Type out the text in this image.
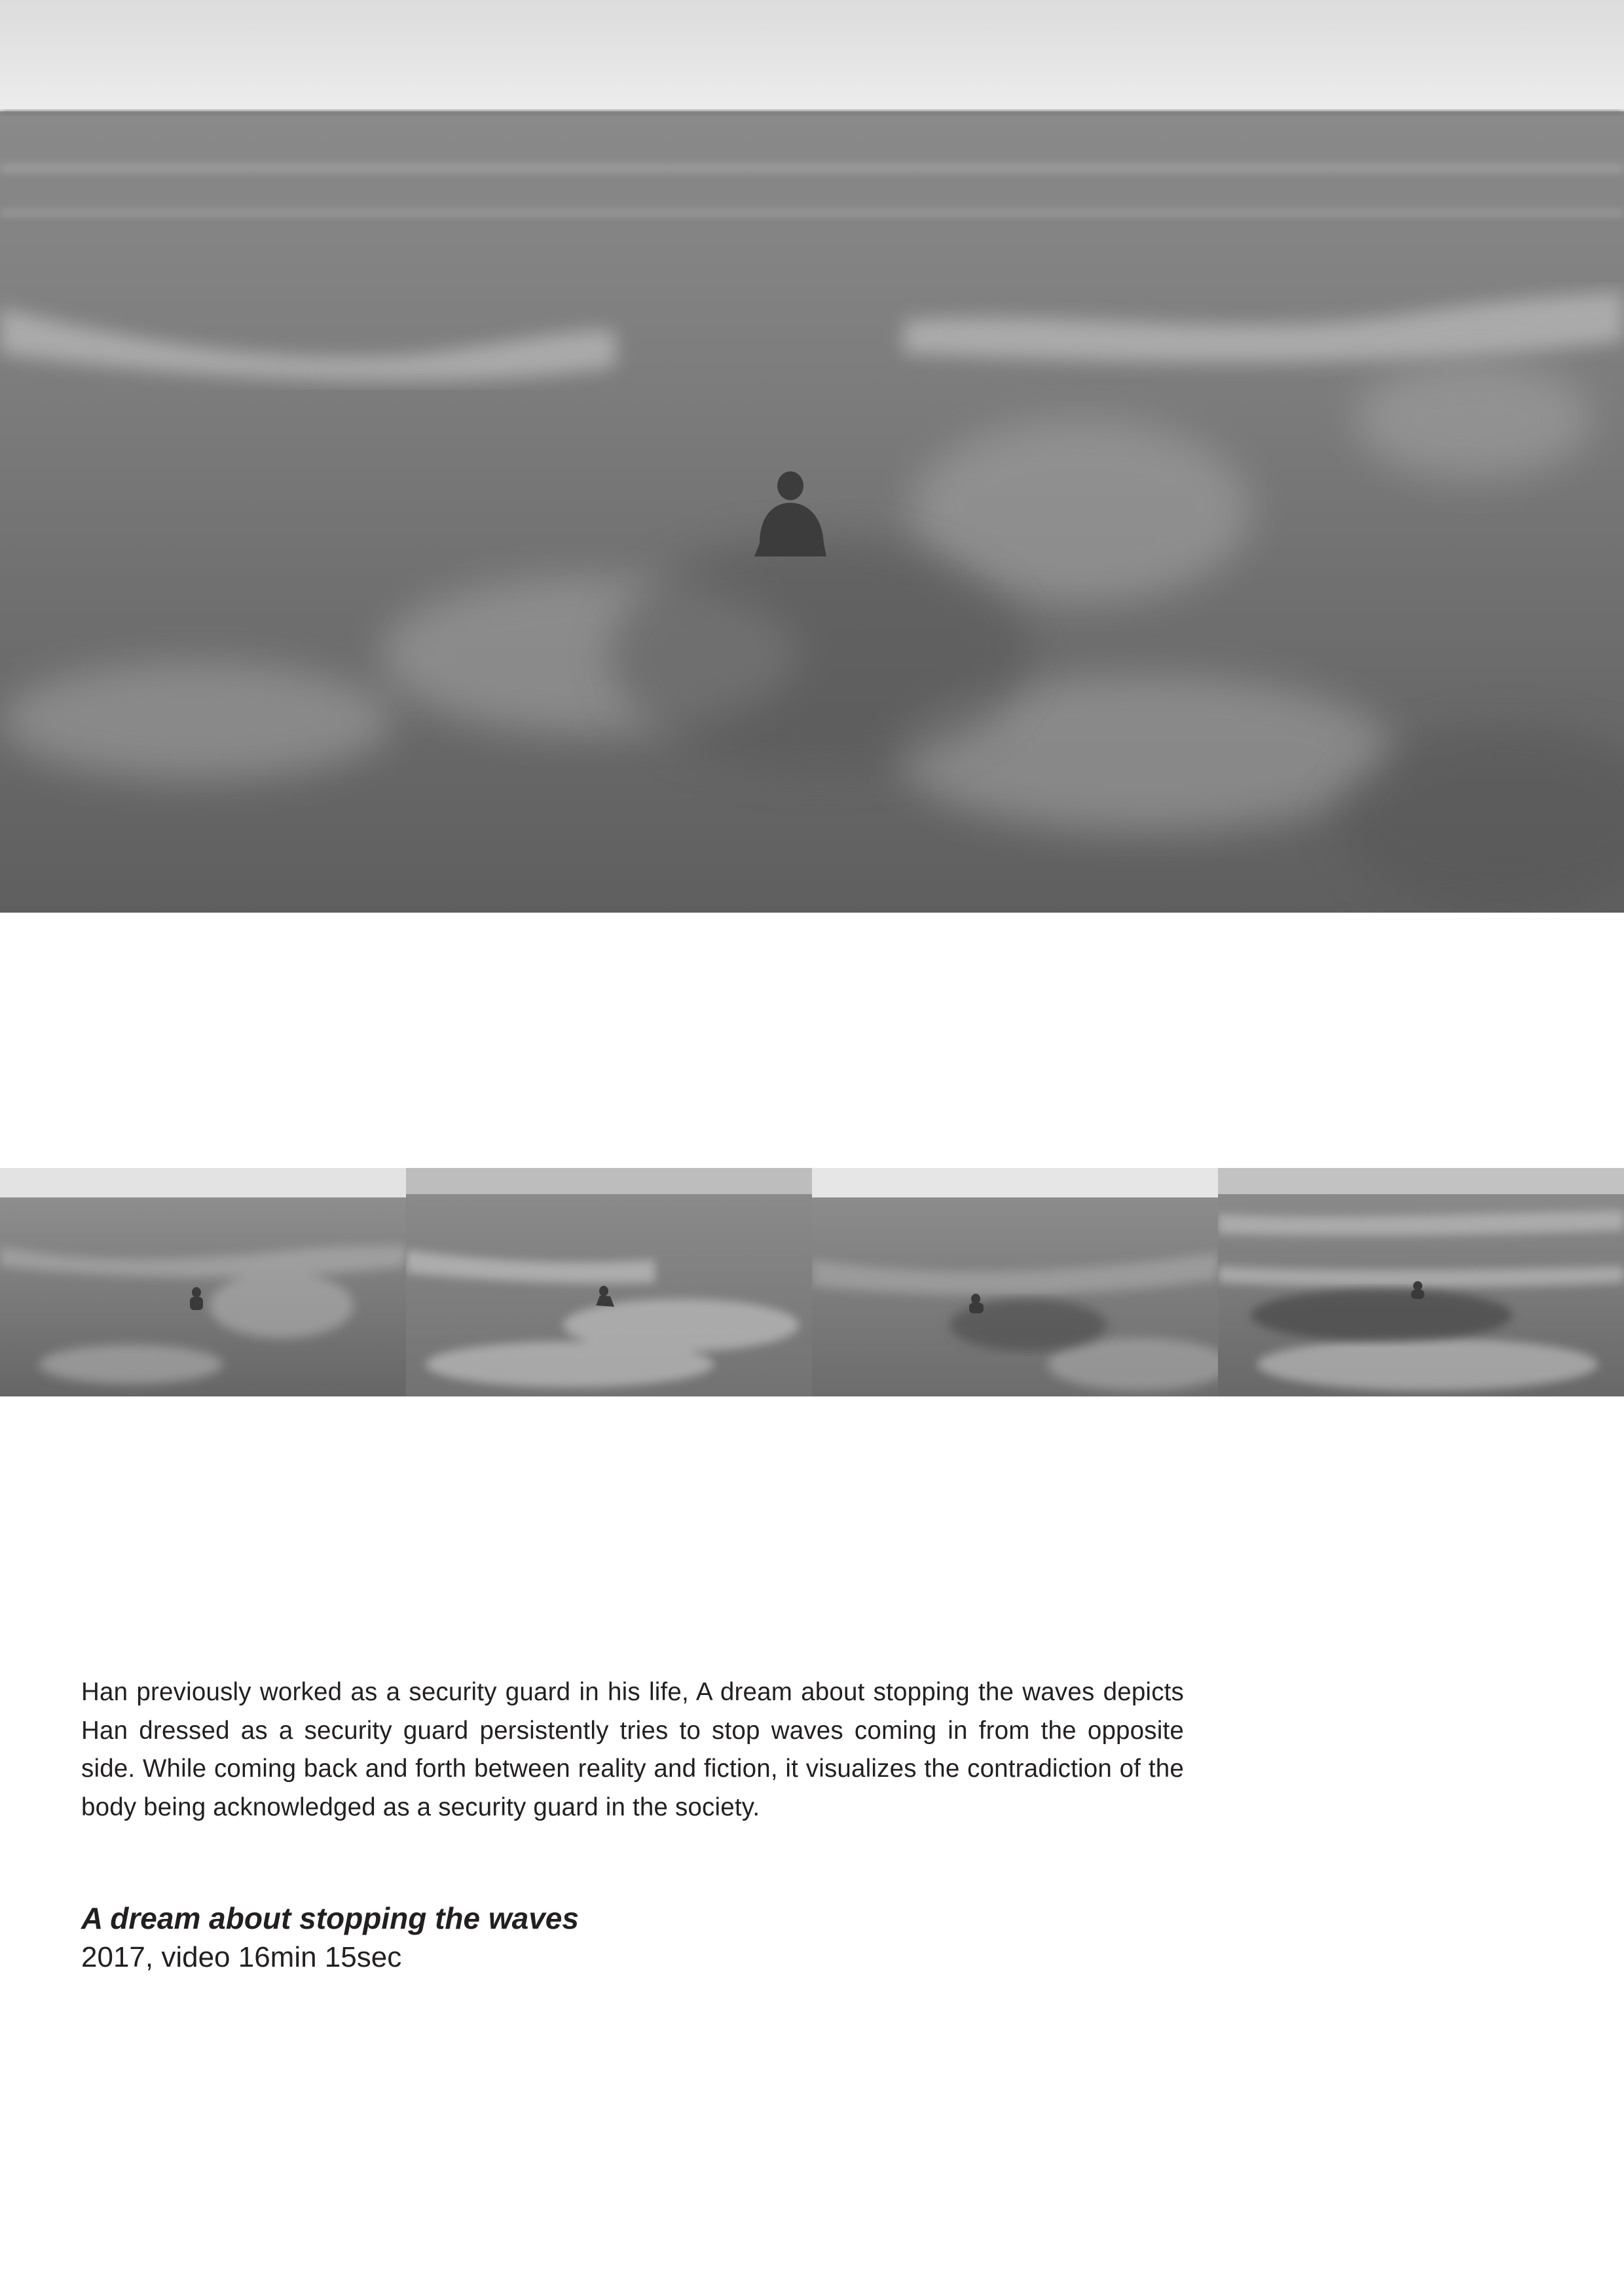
Han previously worked as a security guard in his life, A dream about stopping the waves depicts Han dressed as a security guard persistently tries to stop waves coming in from the opposite side. While coming back and forth between reality and fiction, it visualizes the contradiction of the body being acknowledged as a security guard in the society.

A dream about stopping the waves

2017, video 16min 15sec
